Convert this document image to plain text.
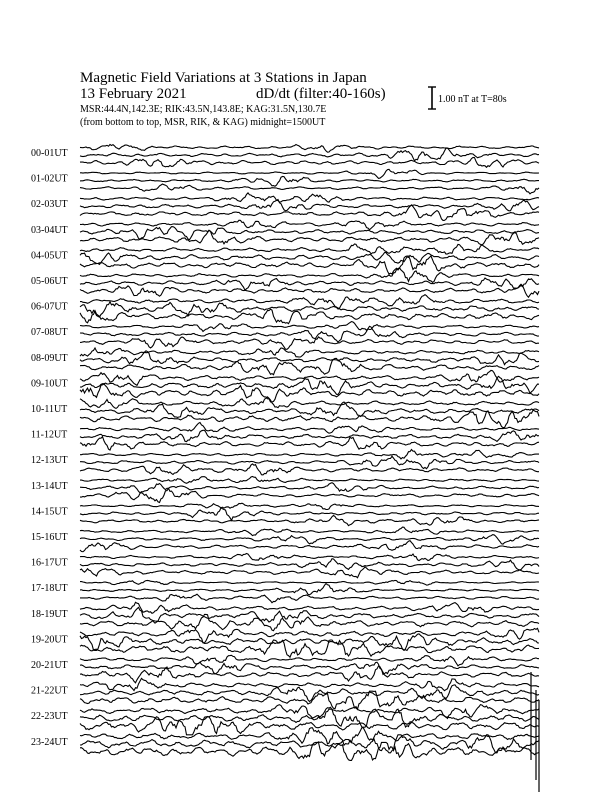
Magnetic Field Variations at 3 Stations in Japan
13 February 2021	dD/dt (filter:40-160s)
MSR:44.4N,142.3E; RIK:43.5N,143.8E; KAG:31.5N,130.7E
(from bottom to top, MSR, RIK, & KAG) midnight=1500UT
1.00 nT at T=80s
00-01UT
01-02UT
02-03UT
03-04UT
04-05UT
05-06UT
06-07UT
07-08UT
08-09UT
09-10UT
10-11UT
11-12UT
12-13UT
13-14UT
14-15UT
15-16UT
16-17UT
17-18UT
18-19UT
19-20UT
20-21UT
21-22UT
22-23UT
23-24UT
